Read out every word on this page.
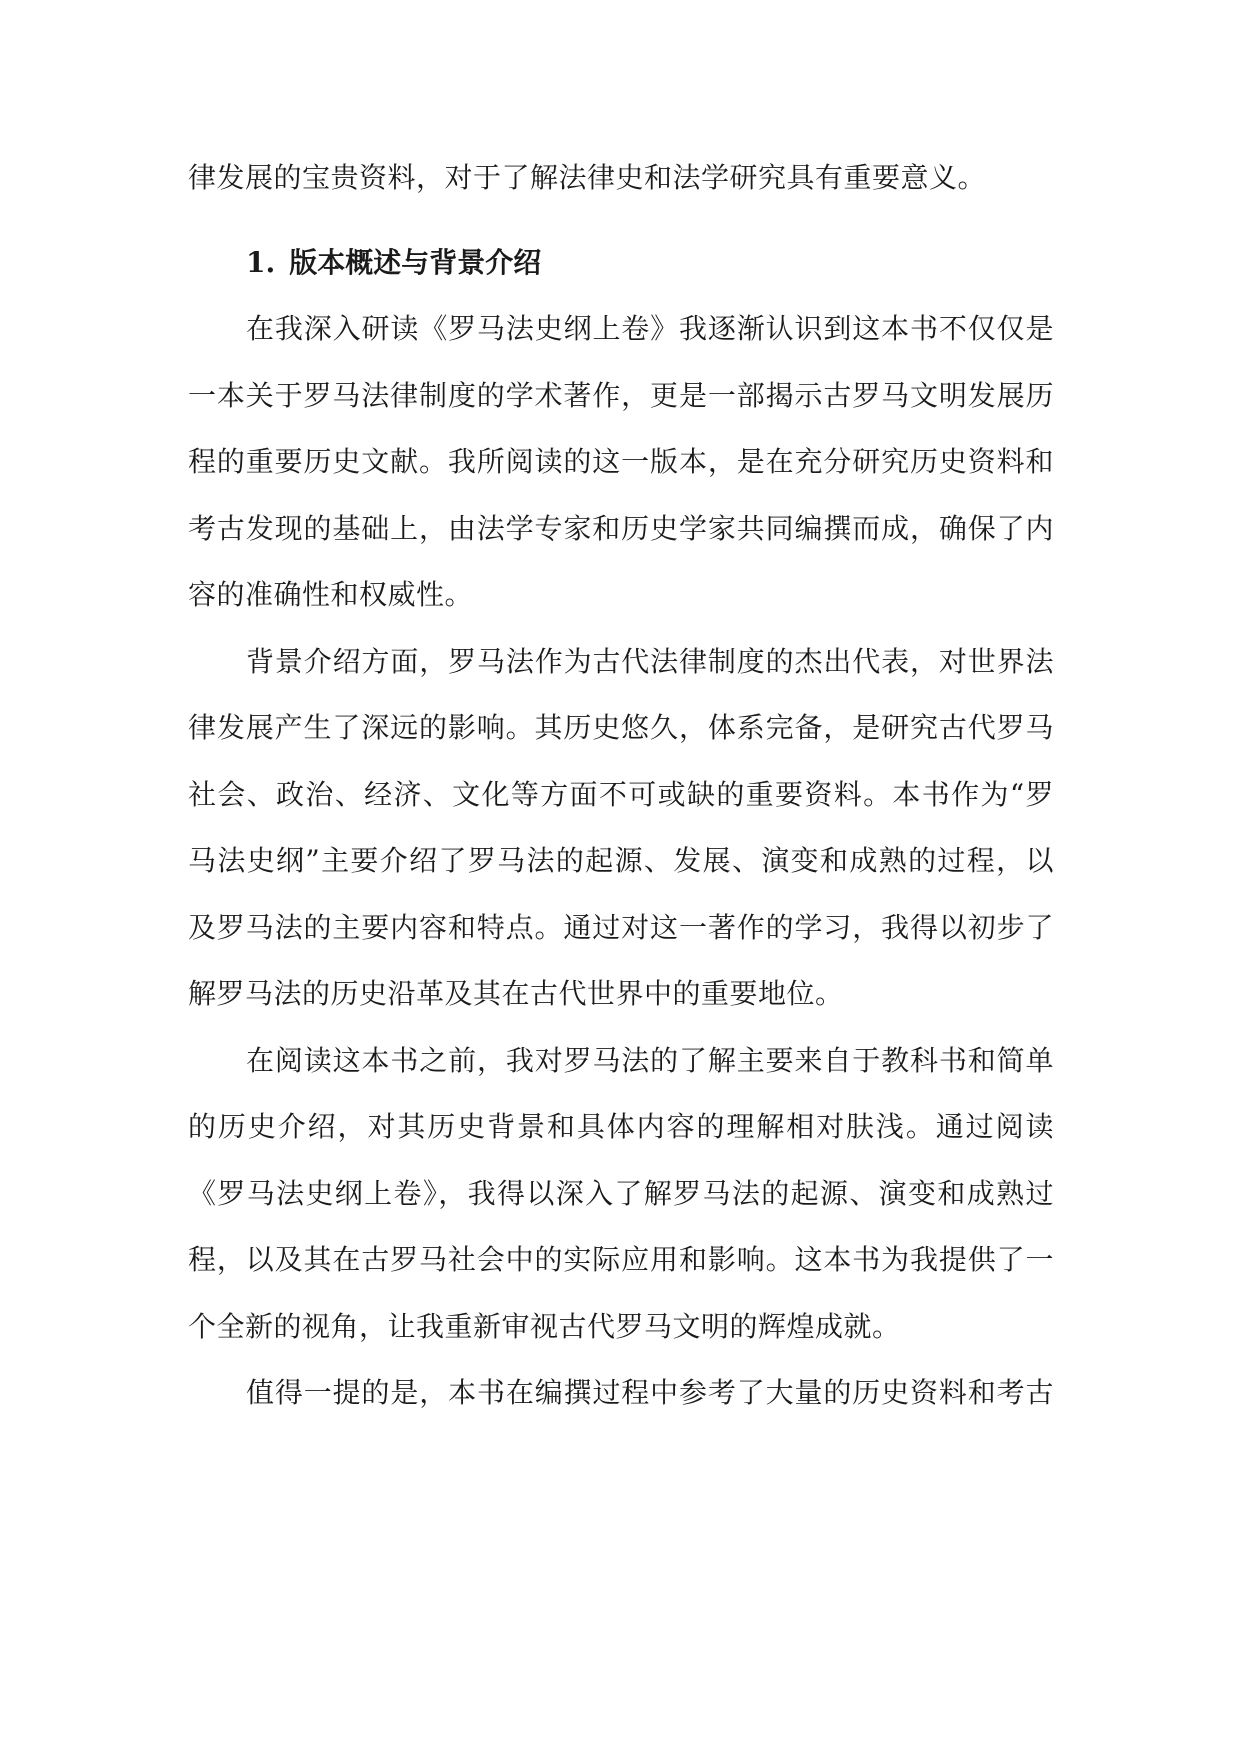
律发展的宝贵资料，对于了解法律史和法学研究具有重要意义。
1. 版本概述与背景介绍
在我深入研读《罗马法史纲上卷》我逐渐认识到这本书不仅仅是
一本关于罗马法律制度的学术著作，更是一部揭示古罗马文明发展历
程的重要历史文献。我所阅读的这一版本，是在充分研究历史资料和
考古发现的基础上，由法学专家和历史学家共同编撰而成，确保了内
容的准确性和权威性。
背景介绍方面，罗马法作为古代法律制度的杰出代表，对世界法
律发展产生了深远的影响。其历史悠久，体系完备，是研究古代罗马
社会、政治、经济、文化等方面不可或缺的重要资料。本书作为“罗
马法史纲”主要介绍了罗马法的起源、发展、演变和成熟的过程，以
及罗马法的主要内容和特点。通过对这一著作的学习，我得以初步了
解罗马法的历史沿革及其在古代世界中的重要地位。
在阅读这本书之前，我对罗马法的了解主要来自于教科书和简单
的历史介绍，对其历史背景和具体内容的理解相对肤浅。通过阅读
《罗马法史纲上卷》，我得以深入了解罗马法的起源、演变和成熟过
程，以及其在古罗马社会中的实际应用和影响。这本书为我提供了一
个全新的视角，让我重新审视古代罗马文明的辉煌成就。
值得一提的是，本书在编撰过程中参考了大量的历史资料和考古
